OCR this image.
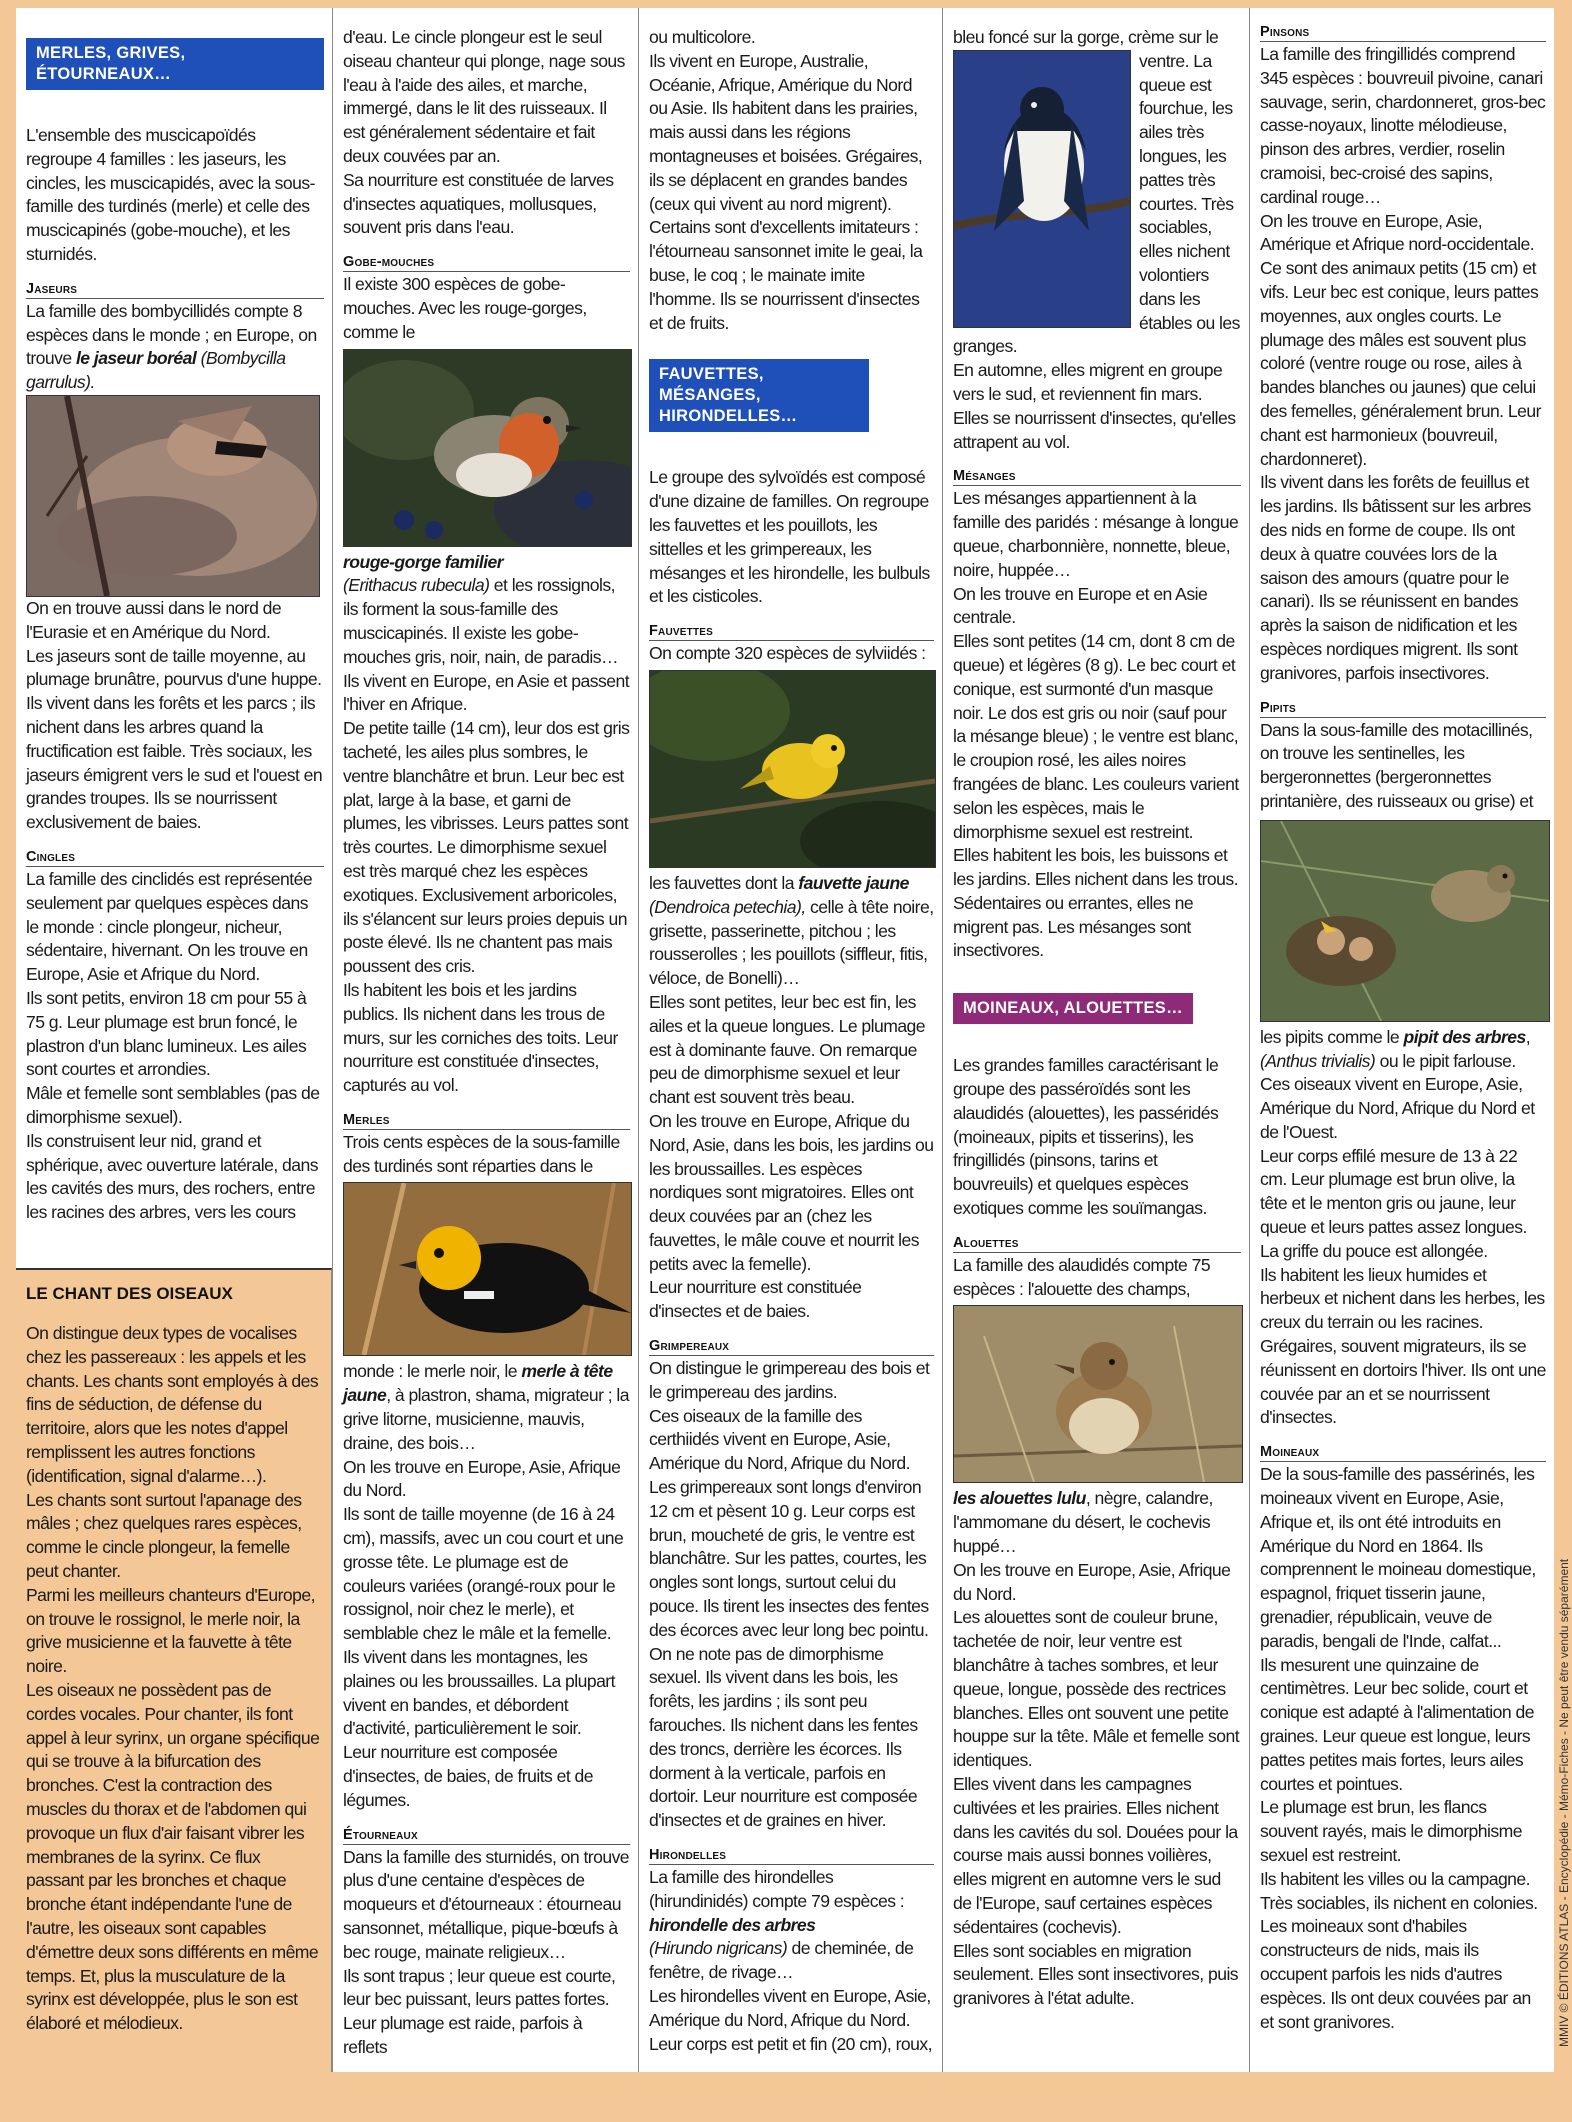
MERLES, GRIVES, ÉTOURNEAUX…

L'ensemble des muscicapoïdés regroupe 4 familles : les jaseurs, les cincles, les muscicapidés, avec la sous-famille des turdinés (merle) et celle des muscicapinés (gobe-mouche), et les sturnidés.

Jaseurs

La famille des bombycillidés compte 8 espèces dans le monde ; en Europe, on trouve le jaseur boréal (Bombycilla garrulus).

On en trouve aussi dans le nord de l'Eurasie et en Amérique du Nord.

Les jaseurs sont de taille moyenne, au plumage brunâtre, pourvus d'une huppe. Ils vivent dans les forêts et les parcs ; ils nichent dans les arbres quand la fructification est faible. Très sociaux, les jaseurs émigrent vers le sud et l'ouest en grandes troupes. Ils se nourrissent exclusivement de baies.

Cingles

La famille des cinclidés est représentée seulement par quelques espèces dans le monde : cincle plongeur, nicheur, sédentaire, hivernant. On les trouve en Europe, Asie et Afrique du Nord.

Ils sont petits, environ 18 cm pour 55 à 75 g. Leur plumage est brun foncé, le plastron d'un blanc lumineux. Les ailes sont courtes et arrondies.

Mâle et femelle sont semblables (pas de dimorphisme sexuel).

Ils construisent leur nid, grand et sphérique, avec ouverture latérale, dans les cavités des murs, des rochers, entre les racines des arbres, vers les cours

LE CHANT DES OISEAUX

On distingue deux types de vocalises chez les passereaux : les appels et les chants. Les chants sont employés à des fins de séduction, de défense du territoire, alors que les notes d'appel remplissent les autres fonctions (identification, signal d'alarme…).

Les chants sont surtout l'apanage des mâles ; chez quelques rares espèces, comme le cincle plongeur, la femelle peut chanter.

Parmi les meilleurs chanteurs d'Europe, on trouve le rossignol, le merle noir, la grive musicienne et la fauvette à tête noire.

Les oiseaux ne possèdent pas de cordes vocales. Pour chanter, ils font appel à leur syrinx, un organe spécifique qui se trouve à la bifurcation des bronches. C'est la contraction des muscles du thorax et de l'abdomen qui provoque un flux d'air faisant vibrer les membranes de la syrinx. Ce flux passant par les bronches et chaque bronche étant indépendante l'une de l'autre, les oiseaux sont capables d'émettre deux sons différents en même temps. Et, plus la musculature de la syrinx est développée, plus le son est élaboré et mélodieux.

d'eau. Le cincle plongeur est le seul oiseau chanteur qui plonge, nage sous l'eau à l'aide des ailes, et marche, immergé, dans le lit des ruisseaux. Il est généralement sédentaire et fait deux couvées par an.

Sa nourriture est constituée de larves d'insectes aquatiques, mollusques, souvent pris dans l'eau.

Gobe-mouches

Il existe 300 espèces de gobe-mouches. Avec les rouge-gorges, comme le

rouge-gorge familier

(Erithacus rubecula) et les rossignols, ils forment la sous-famille des muscicapinés. Il existe les gobe-mouches gris, noir, nain, de paradis…

Ils vivent en Europe, en Asie et passent l'hiver en Afrique.

De petite taille (14 cm), leur dos est gris tacheté, les ailes plus sombres, le ventre blanchâtre et brun. Leur bec est plat, large à la base, et garni de plumes, les vibrisses. Leurs pattes sont très courtes. Le dimorphisme sexuel est très marqué chez les espèces exotiques. Exclusivement arboricoles, ils s'élancent sur leurs proies depuis un poste élevé. Ils ne chantent pas mais poussent des cris.

Ils habitent les bois et les jardins publics. Ils nichent dans les trous de murs, sur les corniches des toits. Leur nourriture est constituée d'insectes, capturés au vol.

Merles

Trois cents espèces de la sous-famille des turdinés sont réparties dans le

monde : le merle noir, le merle à tête jaune, à plastron, shama, migrateur ; la grive litorne, musicienne, mauvis, draine, des bois…

On les trouve en Europe, Asie, Afrique du Nord.

Ils sont de taille moyenne (de 16 à 24 cm), massifs, avec un cou court et une grosse tête. Le plumage est de couleurs variées (orangé-roux pour le rossignol, noir chez le merle), et semblable chez le mâle et la femelle.

Ils vivent dans les montagnes, les plaines ou les broussailles. La plupart vivent en bandes, et débordent d'activité, particulièrement le soir.

Leur nourriture est composée d'insectes, de baies, de fruits et de légumes.

Étourneaux

Dans la famille des sturnidés, on trouve plus d'une centaine d'espèces de moqueurs et d'étourneaux : étourneau sansonnet, métallique, pique-bœufs à bec rouge, mainate religieux…

Ils sont trapus ; leur queue est courte, leur bec puissant, leurs pattes fortes.

Leur plumage est raide, parfois à reflets

ou multicolore.

Ils vivent en Europe, Australie, Océanie, Afrique, Amérique du Nord ou Asie. Ils habitent dans les prairies, mais aussi dans les régions montagneuses et boisées. Grégaires, ils se déplacent en grandes bandes (ceux qui vivent au nord migrent). Certains sont d'excellents imitateurs : l'étourneau sansonnet imite le geai, la buse, le coq ; le mainate imite l'homme. Ils se nourrissent d'insectes et de fruits.

FAUVETTES, MÉSANGES, HIRONDELLES…

Le groupe des sylvoïdés est composé d'une dizaine de familles. On regroupe les fauvettes et les pouillots, les sittelles et les grimpereaux, les mésanges et les hirondelle, les bulbuls et les cisticoles.

Fauvettes

On compte 320 espèces de sylviidés :

les fauvettes dont la fauvette jaune (Dendroica petechia), celle à tête noire, grisette, passerinette, pitchou ; les rousserolles ; les pouillots (siffleur, fitis, véloce, de Bonelli)…

Elles sont petites, leur bec est fin, les ailes et la queue longues. Le plumage est à dominante fauve. On remarque peu de dimorphisme sexuel et leur chant est souvent très beau.

On les trouve en Europe, Afrique du Nord, Asie, dans les bois, les jardins ou les broussailles. Les espèces nordiques sont migratoires. Elles ont deux couvées par an (chez les fauvettes, le mâle couve et nourrit les petits avec la femelle).

Leur nourriture est constituée d'insectes et de baies.

Grimpereaux

On distingue le grimpereau des bois et le grimpereau des jardins.

Ces oiseaux de la famille des certhiidés vivent en Europe, Asie, Amérique du Nord, Afrique du Nord.

Les grimpereaux sont longs d'environ 12 cm et pèsent 10 g. Leur corps est brun, moucheté de gris, le ventre est blanchâtre. Sur les pattes, courtes, les ongles sont longs, surtout celui du pouce. Ils tirent les insectes des fentes des écorces avec leur long bec pointu. On ne note pas de dimorphisme sexuel. Ils vivent dans les bois, les forêts, les jardins ; ils sont peu farouches. Ils nichent dans les fentes des troncs, derrière les écorces. Ils dorment à la verticale, parfois en dortoir. Leur nourriture est composée d'insectes et de graines en hiver.

Hirondelles

La famille des hirondelles (hirundinidés) compte 79 espèces :

hirondelle des arbres

(Hirundo nigricans) de cheminée, de fenêtre, de rivage…

Les hirondelles vivent en Europe, Asie, Amérique du Nord, Afrique du Nord.

Leur corps est petit et fin (20 cm), roux,

bleu foncé sur la gorge, crème sur le

ventre. La queue est fourchue, les ailes très longues, les pattes très courtes. Très sociables, elles nichent volontiers dans les étables ou les

granges.

En automne, elles migrent en groupe vers le sud, et reviennent fin mars.

Elles se nourrissent d'insectes, qu'elles attrapent au vol.

Mésanges

Les mésanges appartiennent à la famille des paridés : mésange à longue queue, charbonnière, nonnette, bleue, noire, huppée…

On les trouve en Europe et en Asie centrale.

Elles sont petites (14 cm, dont 8 cm de queue) et légères (8 g). Le bec court et conique, est surmonté d'un masque noir. Le dos est gris ou noir (sauf pour la mésange bleue) ; le ventre est blanc, le croupion rosé, les ailes noires frangées de blanc. Les couleurs varient selon les espèces, mais le dimorphisme sexuel est restreint.

Elles habitent les bois, les buissons et les jardins. Elles nichent dans les trous. Sédentaires ou errantes, elles ne migrent pas. Les mésanges sont insectivores.

MOINEAUX, ALOUETTES…

Les grandes familles caractérisant le groupe des passéroïdés sont les alaudidés (alouettes), les passéridés (moineaux, pipits et tisserins), les fringillidés (pinsons, tarins et bouvreuils) et quelques espèces exotiques comme les souïmangas.

Alouettes

La famille des alaudidés compte 75 espèces : l'alouette des champs,

les alouettes lulu, nègre, calandre, l'ammomane du désert, le cochevis huppé…

On les trouve en Europe, Asie, Afrique du Nord.

Les alouettes sont de couleur brune, tachetée de noir, leur ventre est blanchâtre à taches sombres, et leur queue, longue, possède des rectrices blanches. Elles ont souvent une petite houppe sur la tête. Mâle et femelle sont identiques.

Elles vivent dans les campagnes cultivées et les prairies. Elles nichent dans les cavités du sol. Douées pour la course mais aussi bonnes voilières, elles migrent en automne vers le sud de l'Europe, sauf certaines espèces sédentaires (cochevis).

Elles sont sociables en migration seulement. Elles sont insectivores, puis granivores à l'état adulte.

Pinsons

La famille des fringillidés comprend 345 espèces : bouvreuil pivoine, canari sauvage, serin, chardonneret, gros-bec casse-noyaux, linotte mélodieuse, pinson des arbres, verdier, roselin cramoisi, bec-croisé des sapins, cardinal rouge…

On les trouve en Europe, Asie, Amérique et Afrique nord-occidentale.

Ce sont des animaux petits (15 cm) et vifs. Leur bec est conique, leurs pattes moyennes, aux ongles courts. Le plumage des mâles est souvent plus coloré (ventre rouge ou rose, ailes à bandes blanches ou jaunes) que celui des femelles, généralement brun. Leur chant est harmonieux (bouvreuil, chardonneret).

Ils vivent dans les forêts de feuillus et les jardins. Ils bâtissent sur les arbres des nids en forme de coupe. Ils ont deux à quatre couvées lors de la saison des amours (quatre pour le canari). Ils se réunissent en bandes après la saison de nidification et les espèces nordiques migrent. Ils sont granivores, parfois insectivores.

Pipits

Dans la sous-famille des motacillinés, on trouve les sentinelles, les bergeronnettes (bergeronnettes printanière, des ruisseaux ou grise) et

les pipits comme le pipit des arbres, (Anthus trivialis) ou le pipit farlouse.

Ces oiseaux vivent en Europe, Asie, Amérique du Nord, Afrique du Nord et de l'Ouest.

Leur corps effilé mesure de 13 à 22 cm. Leur plumage est brun olive, la tête et le menton gris ou jaune, leur queue et leurs pattes assez longues. La griffe du pouce est allongée.

Ils habitent les lieux humides et herbeux et nichent dans les herbes, les creux du terrain ou les racines. Grégaires, souvent migrateurs, ils se réunissent en dortoirs l'hiver. Ils ont une couvée par an et se nourrissent d'insectes.

Moineaux

De la sous-famille des passérinés, les moineaux vivent en Europe, Asie, Afrique et, ils ont été introduits en Amérique du Nord en 1864. Ils comprennent le moineau domestique, espagnol, friquet tisserin jaune, grenadier, républicain, veuve de paradis, bengali de l'Inde, calfat...

Ils mesurent une quinzaine de centimètres. Leur bec solide, court et conique est adapté à l'alimentation de graines. Leur queue est longue, leurs pattes petites mais fortes, leurs ailes courtes et pointues.

Le plumage est brun, les flancs souvent rayés, mais le dimorphisme sexuel est restreint.

Ils habitent les villes ou la campagne. Très sociables, ils nichent en colonies.

Les moineaux sont d'habiles constructeurs de nids, mais ils occupent parfois les nids d'autres espèces. Ils ont deux couvées par an et sont granivores.	MMIV © ÉDITIONS ATLAS - Encyclopédie - Mémo-Fiches - Ne peut être vendu séparément
